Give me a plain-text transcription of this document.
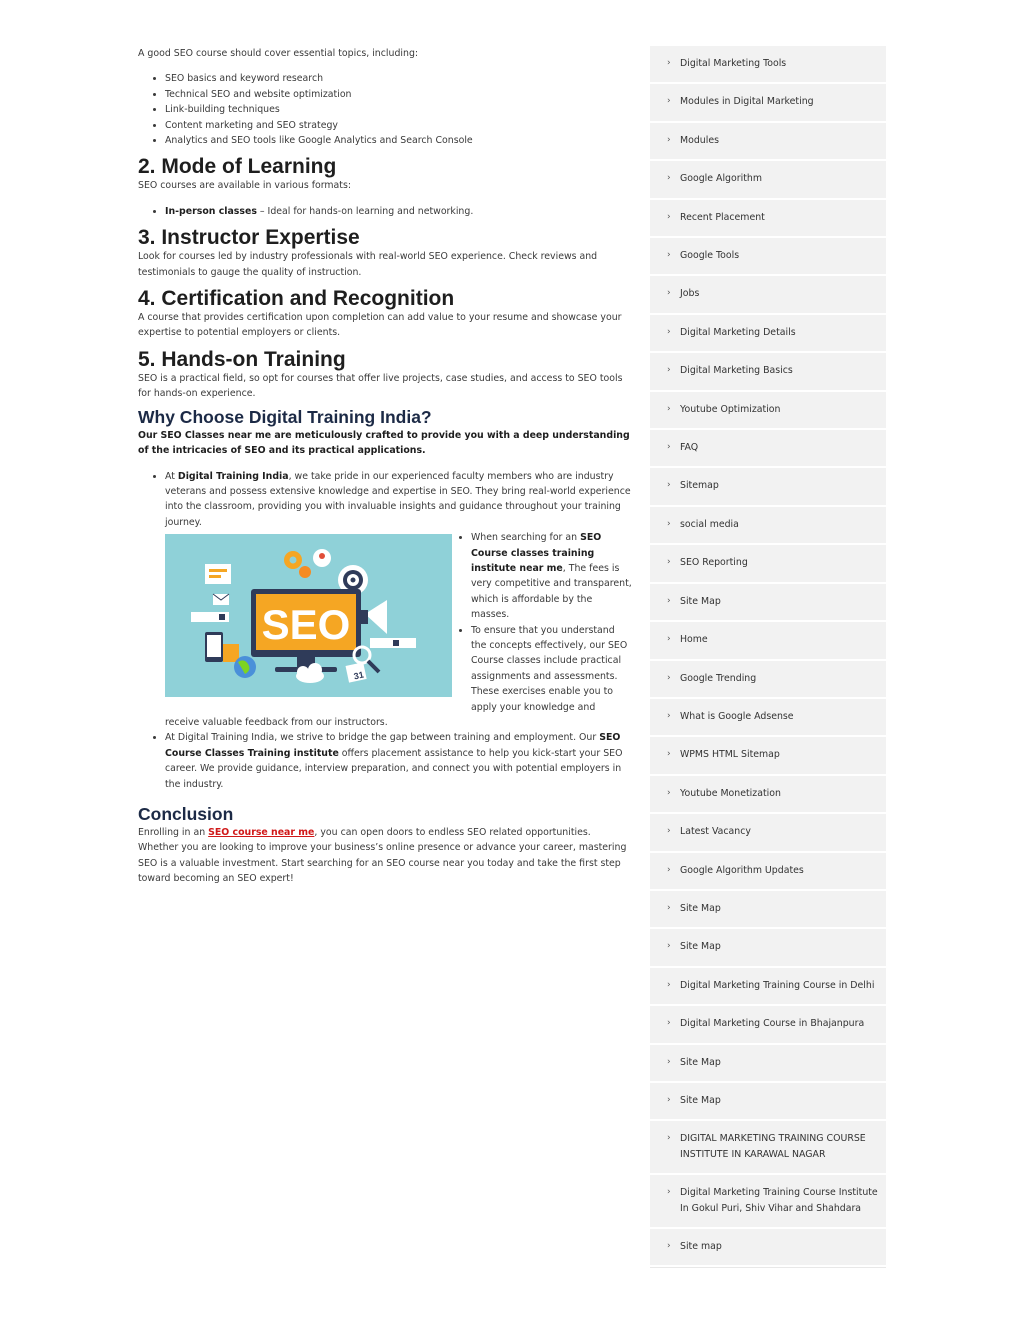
A good SEO course should cover essential topics, including:

• SEO basics and keyword research
• Technical SEO and website optimization
• Link-building techniques
• Content marketing and SEO strategy
• Analytics and SEO tools like Google Analytics and Search Console
2. Mode of Learning

SEO courses are available in various formats:

• In-person classes – Ideal for hands-on learning and networking.
3. Instructor Expertise

Look for courses led by industry professionals with real-world SEO experience. Check reviews and testimonials to gauge the quality of instruction.

4. Certification and Recognition

A course that provides certification upon completion can add value to your resume and showcase your expertise to potential employers or clients.

5. Hands-on Training

SEO is a practical field, so opt for courses that offer live projects, case studies, and access to SEO tools for hands-on experience.

Why Choose Digital Training India?

Our SEO Classes near me are meticulously crafted to provide you with a deep understanding of the intricacies of SEO and its practical applications.

• At Digital Training India, we take pride in our experienced faculty members who are industry veterans and possess extensive knowledge and expertise in SEO. They bring real-world experience into the classroom, providing you with invaluable insights and guidance throughout your training journey.
SEO
31
• When searching for an SEO Course classes training institute near me, The fees is very competitive and transparent, which is affordable by the masses.
• To ensure that you understand the concepts effectively, our SEO Course classes include practical assignments and assessments. These exercises enable you to apply your knowledge and receive valuable feedback from our instructors.
• At Digital Training India, we strive to bridge the gap between training and employment. Our SEO Course Classes Training institute offers placement assistance to help you kick-start your SEO career. We provide guidance, interview preparation, and connect you with potential employers in the industry.
Conclusion

Enrolling in an SEO course near me, you can open doors to endless SEO related opportunities. Whether you are looking to improve your business’s online presence or advance your career, mastering SEO is a valuable investment. Start searching for an SEO course near you today and take the first step toward becoming an SEO expert!

› Digital Marketing Tools
› Modules in Digital Marketing
› Modules
› Google Algorithm
› Recent Placement
› Google Tools
› Jobs
› Digital Marketing Details
› Digital Marketing Basics
› Youtube Optimization
› FAQ
› Sitemap
› social media
› SEO Reporting
› Site Map
› Home
› Google Trending
› What is Google Adsense
› WPMS HTML Sitemap
› Youtube Monetization
› Latest Vacancy
› Google Algorithm Updates
› Site Map
› Site Map
› Digital Marketing Training Course in Delhi
› Digital Marketing Course in Bhajanpura
› Site Map
› Site Map
› DIGITAL MARKETING TRAINING COURSE INSTITUTE IN KARAWAL NAGAR
› Digital Marketing Training Course Institute In Gokul Puri, Shiv Vihar and Shahdara
› Site map
